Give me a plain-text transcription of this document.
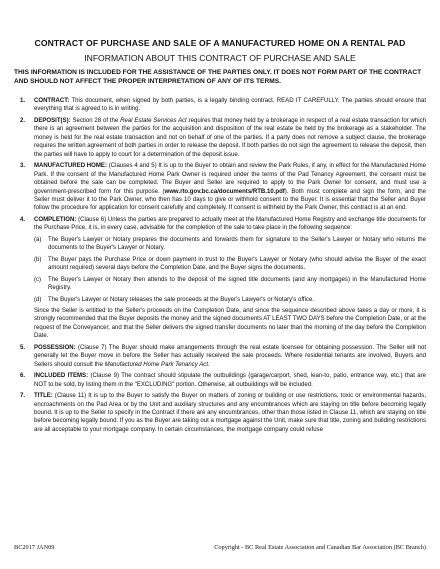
CONTRACT OF PURCHASE AND SALE OF A MANUFACTURED HOME ON A RENTAL PAD
INFORMATION ABOUT THIS CONTRACT OF PURCHASE AND SALE
THIS INFORMATION IS INCLUDED FOR THE ASSISTANCE OF THE PARTIES ONLY. IT DOES NOT FORM PART OF THE CONTRACT AND SHOULD NOT AFFECT THE PROPER INTERPRETATION OF ANY OF ITS TERMS.
1. CONTRACT: This document, when signed by both parties, is a legally binding contract. READ IT CAREFULLY. The parties should ensure that everything that is agreed to is in writing.

2. DEPOSIT(S): Section 28 of the Real Estate Services Act requires that money held by a brokerage in respect of a real estate transaction for which there is an agreement between the parties for the acquisition and disposition of the real estate be held by the brokerage as a stakeholder. The money is held for the real estate transaction and not on behalf of one of the parties. If a party does not remove a subject clause, the brokerage requires the written agreement of both parties in order to release the deposit. If both parties do not sign the agreement to release the deposit, then the parties will have to apply to court for a determination of the deposit issue.

3. MANUFACTURED HOME: (Clauses 4 and 5) It is up to the Buyer to obtain and review the Park Rules, if any, in effect for the Manufactured Home Park. If the consent of the Manufactured Home Park Owner is required under the terms of the Pad Tenancy Agreement, the consent must be obtained before the sale can be completed. The Buyer and Seller are required to apply to the Park Owner for consent, and must use a government-prescribed form for this purpose. (www.rto.gov.bc.ca/documents/RTB.10.pdf). Both must complete and sign the form, and the Seller must deliver it to the Park Owner, who then has 10 days to give or withhold consent to the Buyer. It is essential that the Seller and Buyer follow the procedure for application for consent carefully and completely. If consent is withheld by the Park Owner, this contract is at an end.

4. COMPLETION: (Clause 6) Unless the parties are prepared to actually meet at the Manufactured Home Registry and exchange title documents for the Purchase Price, it is, in every case, advisable for the completion of the sale to take place in the following sequence:

(a) The Buyer's Lawyer or Notary prepares the documents and forwards them for signature to the Seller's Lawyer or Notary who returns the documents to the Buyer's Lawyer or Notary.
(b) The Buyer pays the Purchase Price or down payment in trust to the Buyer's Lawyer or Notary (who should advise the Buyer of the exact amount required) several days before the Completion Date, and the Buyer signs the documents.
(c) The Buyer's Lawyer or Notary then attends to the deposit of the signed title documents (and any mortgages) in the Manufactured Home Registry.
(d) The Buyer's Lawyer or Notary releases the sale proceeds at the Buyer's Lawyer's or Notary's office.

Since the Seller is entitled to the Seller's proceeds on the Completion Date, and since the sequence described above takes a day or more, it is strongly recommended that the Buyer deposits the money and the signed documents AT LEAST TWO DAYS before the Completion Date, or at the request of the Conveyancer, and that the Seller delivers the signed transfer documents no later than the morning of the day before the Completion Date.

5. POSSESSION: (Clause 7) The Buyer should make arrangements through the real estate licensee for obtaining possession. The Seller will not generally let the Buyer move in before the Seller has actually received the sale proceeds. Where residential tenants are involved, Buyers and Sellers should consult the Manufactured Home Park Tenancy Act.

6. INCLUDED ITEMS: (Clause 9) The contract should stipulate the outbuildings (garage/carport, shed, lean-to, patio, entrance way, etc.) that are NOT to be sold, by listing them in the "EXCLUDING" portion. Otherwise, all outbuildings will be included.

7. TITLE: (Clause 11) It is up to the Buyer to satisfy the Buyer on matters of zoning or building or use restrictions, toxic or environmental hazards, encroachments on the Pad Area or by the Unit and auxiliary structures and any encumbrances which are staying on title before becoming legally bound. It is up to the Seller to specify in the Contract if there are any encumbrances, other than those listed in Clause 11, which are staying on title before becoming legally bound. If you as the Buyer are taking out a mortgage against the Unit, make sure that title, zoning and building restrictions are all acceptable to your mortgage company. In certain circumstances, the mortgage company could refuse

BC2017 JAN09	Copyright - BC Real Estate Association and Canadian Bar Association (BC Branch)
